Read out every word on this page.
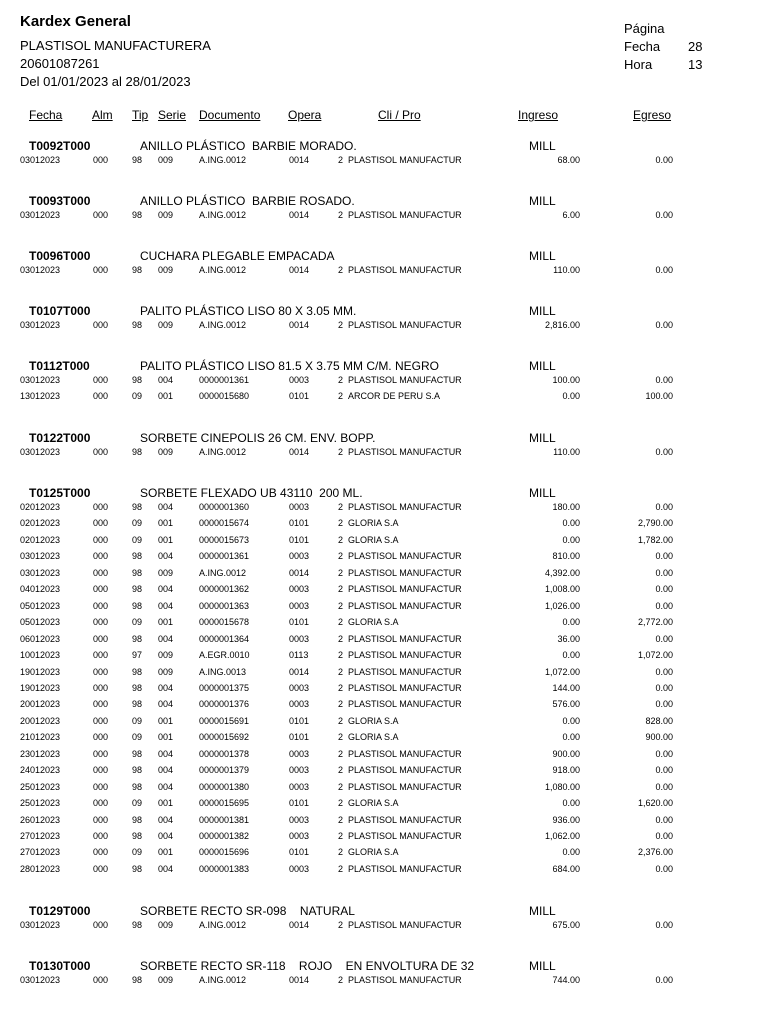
Kardex General
PLASTISOL MANUFACTURERA
20601087261
Del 01/01/2023 al 28/01/2023
Página
Fecha 28
Hora	13
Fecha Alm Tip Serie Documento Opera	Cli / Pro	Ingreso	Egreso
T0092T000	ANILLO PLÁSTICO  BARBIE MORADO.	MILL
03012023	000	98 009	A.ING.0012	0014	2 PLASTISOL MANUFACTUR	68.00	0.00
T0093T000	ANILLO PLÁSTICO  BARBIE ROSADO.	MILL
03012023	000	98 009	A.ING.0012	0014	2 PLASTISOL MANUFACTUR	6.00	0.00
T0096T000	CUCHARA PLEGABLE EMPACADA	MILL
03012023	000	98 009	A.ING.0012	0014	2 PLASTISOL MANUFACTUR	110.00	0.00
T0107T000	PALITO PLÁSTICO LISO 80 X 3.05 MM.	MILL
03012023	000	98 009	A.ING.0012	0014	2 PLASTISOL MANUFACTUR	2,816.00	0.00
T0112T000	PALITO PLÁSTICO LISO 81.5 X 3.75 MM C/M. NEGRO	MILL
03012023	000	98 004	0000001361	0003	2 PLASTISOL MANUFACTUR	100.00	0.00
13012023	000	09 001	0000015680	0101	2 ARCOR DE PERU S.A	0.00	100.00
T0122T000	SORBETE CINEPOLIS 26 CM. ENV. BOPP.	MILL
03012023	000	98 009	A.ING.0012	0014	2 PLASTISOL MANUFACTUR	110.00	0.00
T0125T000	SORBETE FLEXADO UB 43110  200 ML.	MILL
02012023	000	98 004	0000001360	0003	2 PLASTISOL MANUFACTUR	180.00	0.00
02012023	000	09 001	0000015674	0101	2 GLORIA S.A	0.00	2,790.00
02012023	000	09 001	0000015673	0101	2 GLORIA S.A	0.00	1,782.00
03012023	000	98 004	0000001361	0003	2 PLASTISOL MANUFACTUR	810.00	0.00
03012023	000	98 009	A.ING.0012	0014	2 PLASTISOL MANUFACTUR	4,392.00	0.00
04012023	000	98 004	0000001362	0003	2 PLASTISOL MANUFACTUR	1,008.00	0.00
05012023	000	98 004	0000001363	0003	2 PLASTISOL MANUFACTUR	1,026.00	0.00
05012023	000	09 001	0000015678	0101	2 GLORIA S.A	0.00	2,772.00
06012023	000	98 004	0000001364	0003	2 PLASTISOL MANUFACTUR	36.00	0.00
10012023	000	97 009	A.EGR.0010	0113	2 PLASTISOL MANUFACTUR	0.00	1,072.00
19012023	000	98 009	A.ING.0013	0014	2 PLASTISOL MANUFACTUR	1,072.00	0.00
19012023	000	98 004	0000001375	0003	2 PLASTISOL MANUFACTUR	144.00	0.00
20012023	000	98 004	0000001376	0003	2 PLASTISOL MANUFACTUR	576.00	0.00
20012023	000	09 001	0000015691	0101	2 GLORIA S.A	0.00	828.00
21012023	000	09 001	0000015692	0101	2 GLORIA S.A	0.00	900.00
23012023	000	98 004	0000001378	0003	2 PLASTISOL MANUFACTUR	900.00	0.00
24012023	000	98 004	0000001379	0003	2 PLASTISOL MANUFACTUR	918.00	0.00
25012023	000	98 004	0000001380	0003	2 PLASTISOL MANUFACTUR	1,080.00	0.00
25012023	000	09 001	0000015695	0101	2 GLORIA S.A	0.00	1,620.00
26012023	000	98 004	0000001381	0003	2 PLASTISOL MANUFACTUR	936.00	0.00
27012023	000	98 004	0000001382	0003	2 PLASTISOL MANUFACTUR	1,062.00	0.00
27012023	000	09 001	0000015696	0101	2 GLORIA S.A	0.00	2,376.00
28012023	000	98 004	0000001383	0003	2 PLASTISOL MANUFACTUR	684.00	0.00
T0129T000	SORBETE RECTO SR-098    NATURAL	MILL
03012023	000	98 009	A.ING.0012	0014	2 PLASTISOL MANUFACTUR	675.00	0.00
T0130T000	SORBETE RECTO SR-118    ROJO    EN ENVOLTURA DE 32	MILL
03012023	000	98 009	A.ING.0012	0014	2 PLASTISOL MANUFACTUR	744.00	0.00
